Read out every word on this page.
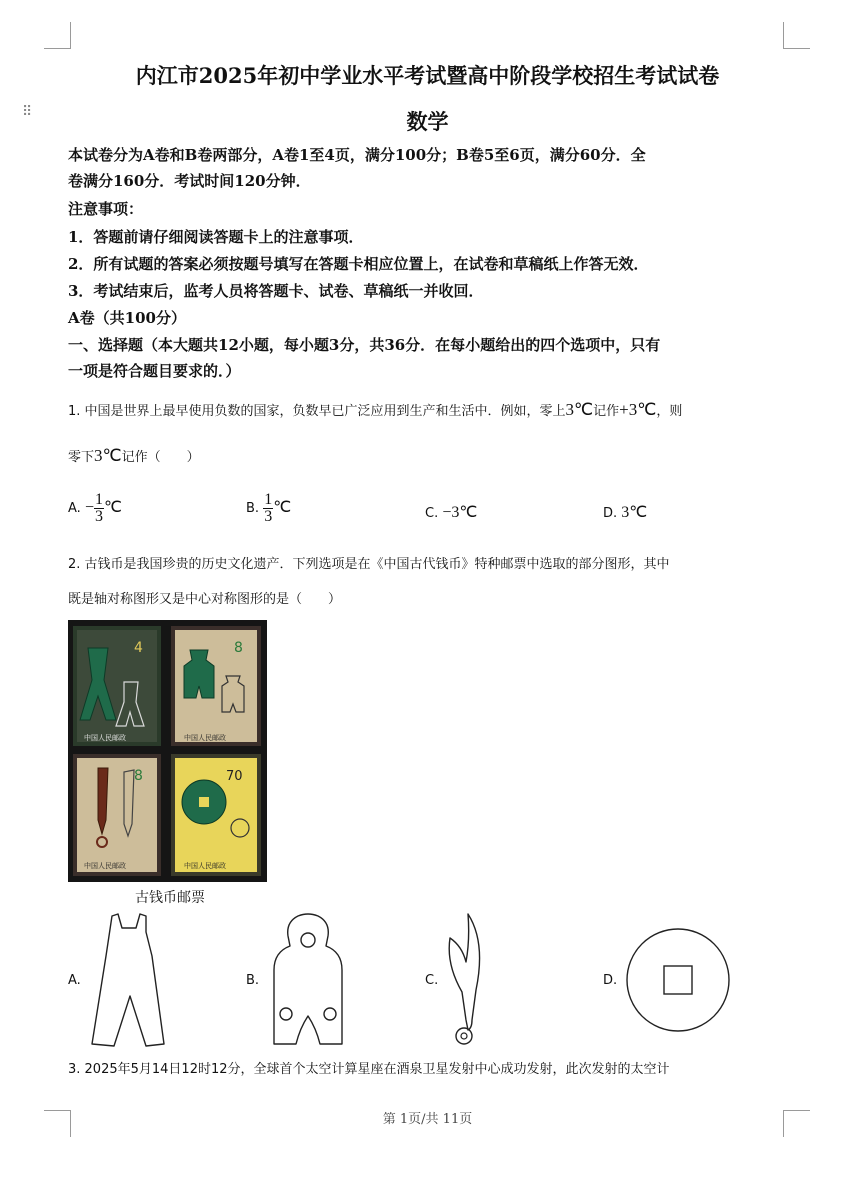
⠿
内江市2025年初中学业水平考试暨高中阶段学校招生考试试卷
数学
本试卷分为A卷和B卷两部分，A卷1至4页，满分100分；B卷5至6页，满分60分．全
卷满分160分．考试时间120分钟．
注意事项：
1．答题前请仔细阅读答题卡上的注意事项．
2．所有试题的答案必须按题号填写在答题卡相应位置上，在试卷和草稿纸上作答无效．
3．考试结束后，监考人员将答题卡、试卷、草稿纸一并收回．
A卷（共100分）
一、选择题（本大题共12小题，每小题3分，共36分．在每小题给出的四个选项中，只有
一项是符合题目要求的．）
1. 中国是世界上最早使用负数的国家，负数早已广泛应用到生产和生活中．例如，零上3℃记作+3℃，则
零下3℃记作（　　）
A. − $\frac{1}{3}$ ℃	B. $\frac{1}{3}$ ℃	C. −3℃	D. 3℃
2. 古钱币是我国珍贵的历史文化遗产．下列选项是在《中国古代钱币》特种邮票中选取的部分图形，其中
既是轴对称图形又是中心对称图形的是（　　）
4
中国人民邮政
8
中国人民邮政
8
中国人民邮政
70
中国人民邮政
古钱币邮票
A.	B.	C.	D.
3. 2025年5月14日12时12分，全球首个太空计算星座在酒泉卫星发射中心成功发射，此次发射的太空计
第 1页/共 11页
